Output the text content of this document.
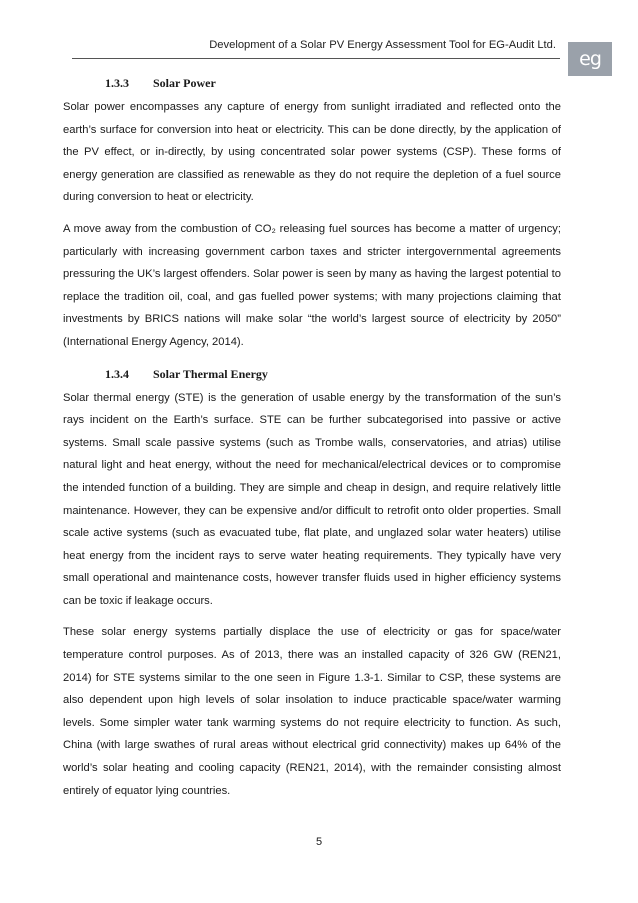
Development of a Solar PV Energy Assessment Tool for EG-Audit Ltd.
eg
1.3.3 Solar Power

Solar power encompasses any capture of energy from sunlight irradiated and reflected onto the earth’s surface for conversion into heat or electricity. This can be done directly, by the application of the PV effect, or in-directly, by using concentrated solar power systems (CSP). These forms of energy generation are classified as renewable as they do not require the depletion of a fuel source during conversion to heat or electricity.

A move away from the combustion of CO₂ releasing fuel sources has become a matter of urgency; particularly with increasing government carbon taxes and stricter intergovernmental agreements pressuring the UK’s largest offenders. Solar power is seen by many as having the largest potential to replace the tradition oil, coal, and gas fuelled power systems; with many projections claiming that investments by BRICS nations will make solar “the world’s largest source of electricity by 2050” (International Energy Agency, 2014).

1.3.4 Solar Thermal Energy

Solar thermal energy (STE) is the generation of usable energy by the transformation of the sun’s rays incident on the Earth’s surface. STE can be further subcategorised into passive or active systems. Small scale passive systems (such as Trombe walls, conservatories, and atrias) utilise natural light and heat energy, without the need for mechanical/electrical devices or to compromise the intended function of a building. They are simple and cheap in design, and require relatively little maintenance. However, they can be expensive and/or difficult to retrofit onto older properties. Small scale active systems (such as evacuated tube, flat plate, and unglazed solar water heaters) utilise heat energy from the incident rays to serve water heating requirements. They typically have very small operational and maintenance costs, however transfer fluids used in higher efficiency systems can be toxic if leakage occurs.

These solar energy systems partially displace the use of electricity or gas for space/water temperature control purposes. As of 2013, there was an installed capacity of 326 GW (REN21, 2014) for STE systems similar to the one seen in Figure 1.3-1. Similar to CSP, these systems are also dependent upon high levels of solar insolation to induce practicable space/water warming levels. Some simpler water tank warming systems do not require electricity to function. As such, China (with large swathes of rural areas without electrical grid connectivity) makes up 64% of the world’s solar heating and cooling capacity (REN21, 2014), with the remainder consisting almost entirely of equator lying countries.

5
